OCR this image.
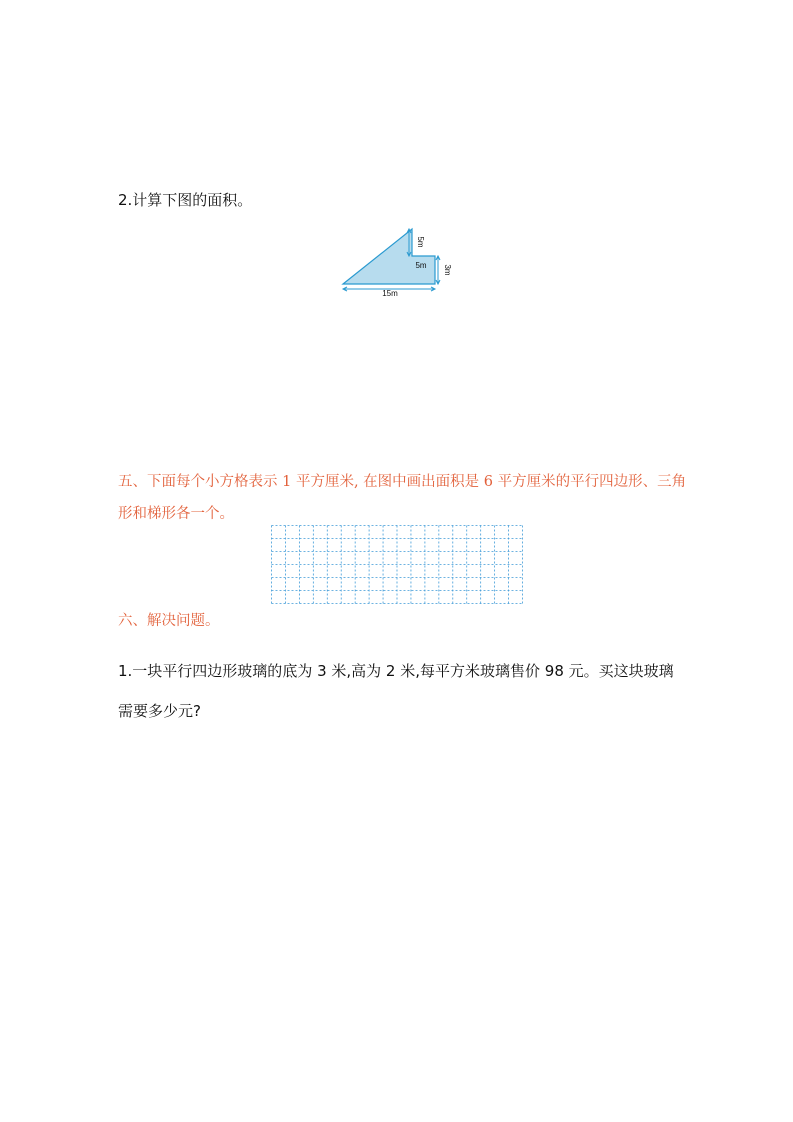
2.计算下图的面积。
5m
5m 3m
15m
五、下面每个小方格表示 1 平方厘米, 在图中画出面积是 6 平方厘米的平行四边形、三角形和梯形各一个。
六、解决问题。
1.一块平行四边形玻璃的底为 3 米,高为 2 米,每平方米玻璃售价 98 元。买这块玻璃需要多少元?
